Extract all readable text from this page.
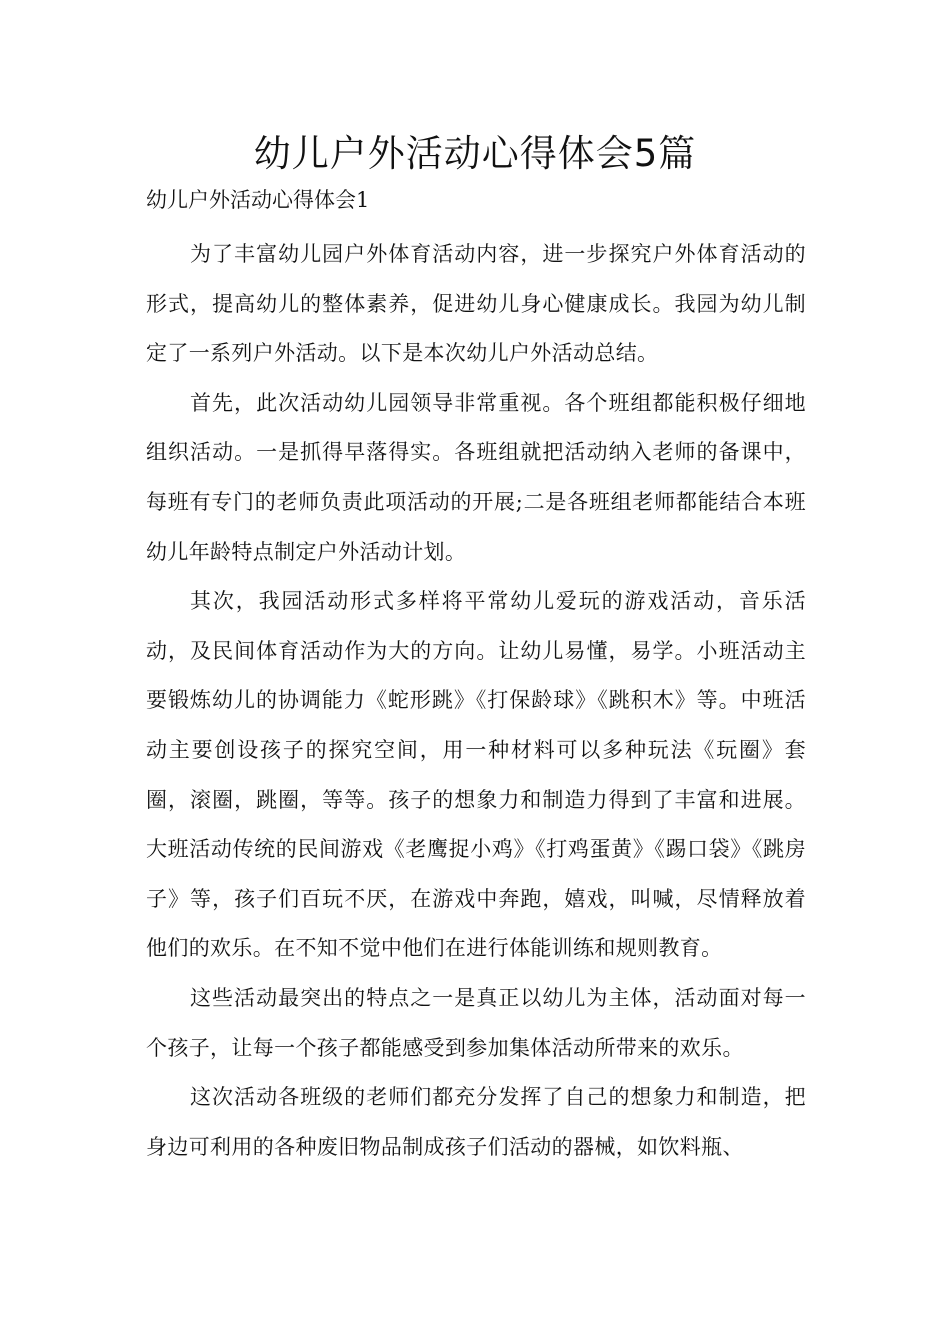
幼儿户外活动心得体会5篇

幼儿户外活动心得体会1

为了丰富幼儿园户外体育活动内容，进一步探究户外体育活动的形式，提高幼儿的整体素养，促进幼儿身心健康成长。我园为幼儿制定了一系列户外活动。以下是本次幼儿户外活动总结。

首先，此次活动幼儿园领导非常重视。各个班组都能积极仔细地组织活动。一是抓得早落得实。各班组就把活动纳入老师的备课中，每班有专门的老师负责此项活动的开展;二是各班组老师都能结合本班幼儿年龄特点制定户外活动计划。

其次，我园活动形式多样将平常幼儿爱玩的游戏活动，音乐活动，及民间体育活动作为大的方向。让幼儿易懂，易学。小班活动主要锻炼幼儿的协调能力《蛇形跳》《打保龄球》《跳积木》等。中班活动主要创设孩子的探究空间，用一种材料可以多种玩法《玩圈》套圈，滚圈，跳圈，等等。孩子的想象力和制造力得到了丰富和进展。大班活动传统的民间游戏《老鹰捉小鸡》《打鸡蛋黄》《踢口袋》《跳房子》等，孩子们百玩不厌，在游戏中奔跑，嬉戏，叫喊，尽情释放着他们的欢乐。在不知不觉中他们在进行体能训练和规则教育。

这些活动最突出的特点之一是真正以幼儿为主体，活动面对每一个孩子，让每一个孩子都能感受到参加集体活动所带来的欢乐。

这次活动各班级的老师们都充分发挥了自己的想象力和制造，把身边可利用的各种废旧物品制成孩子们活动的器械，如饮料瓶、
